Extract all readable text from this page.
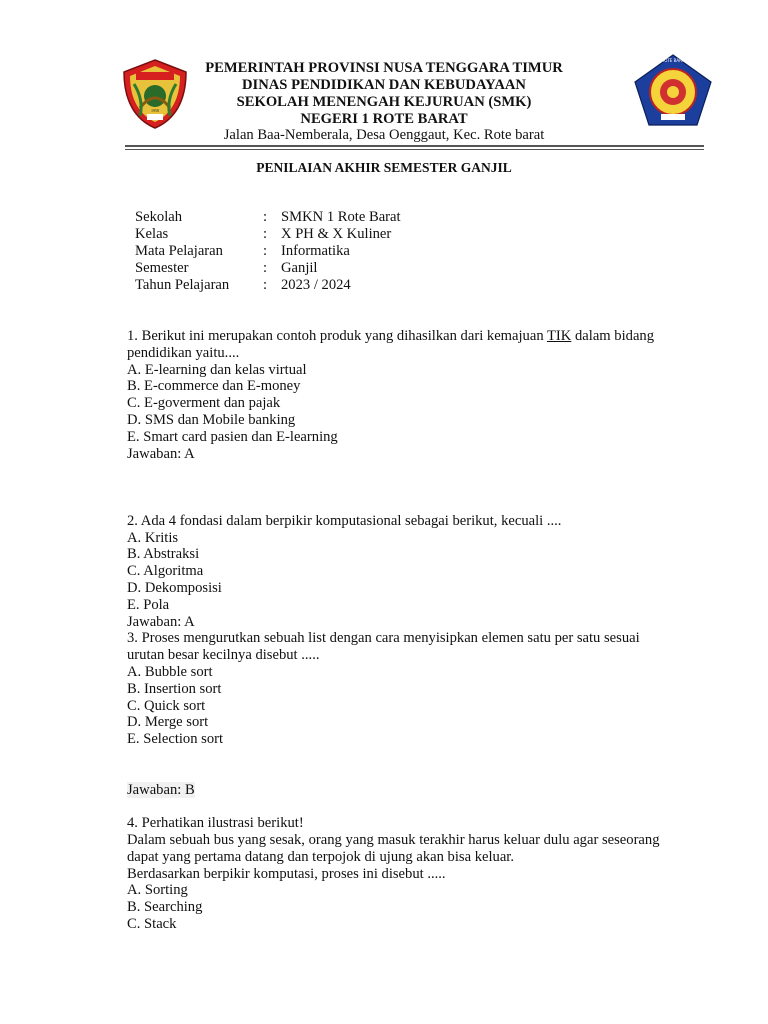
1958
ROTE BARAT
PEMERINTAH PROVINSI NUSA TENGGARA TIMUR
DINAS PENDIDIKAN DAN KEBUDAYAAN
SEKOLAH MENENGAH KEJURUAN (SMK)
NEGERI 1 ROTE BARAT
Jalan Baa-Nemberala, Desa Oenggaut, Kec. Rote barat
PENILAIAN AKHIR SEMESTER GANJIL
Sekolah	: SMKN 1 Rote Barat
Kelas	: X PH & X Kuliner
Mata Pelajaran	: Informatika
Semester	: Ganjil
Tahun Pelajaran	: 2023 / 2024
1. Berikut ini merupakan contoh produk yang dihasilkan dari kemajuan TIK dalam bidang
pendidikan yaitu....
A. E-learning dan kelas virtual
B. E-commerce dan E-money
C. E-goverment dan pajak
D. SMS dan Mobile banking
E. Smart card pasien dan E-learning
Jawaban: A
2. Ada 4 fondasi dalam berpikir komputasional sebagai berikut, kecuali ....
A. Kritis
B. Abstraksi
C. Algoritma
D. Dekomposisi
E. Pola
Jawaban: A
3. Proses mengurutkan sebuah list dengan cara menyisipkan elemen satu per satu sesuai
urutan besar kecilnya disebut .....
A. Bubble sort
B. Insertion sort
C. Quick sort
D. Merge sort
E. Selection sort
Jawaban: B
4. Perhatikan ilustrasi berikut!
Dalam sebuah bus yang sesak, orang yang masuk terakhir harus keluar dulu agar seseorang
dapat yang pertama datang dan terpojok di ujung akan bisa keluar.
Berdasarkan berpikir komputasi, proses ini disebut .....
A. Sorting
B. Searching
C. Stack
